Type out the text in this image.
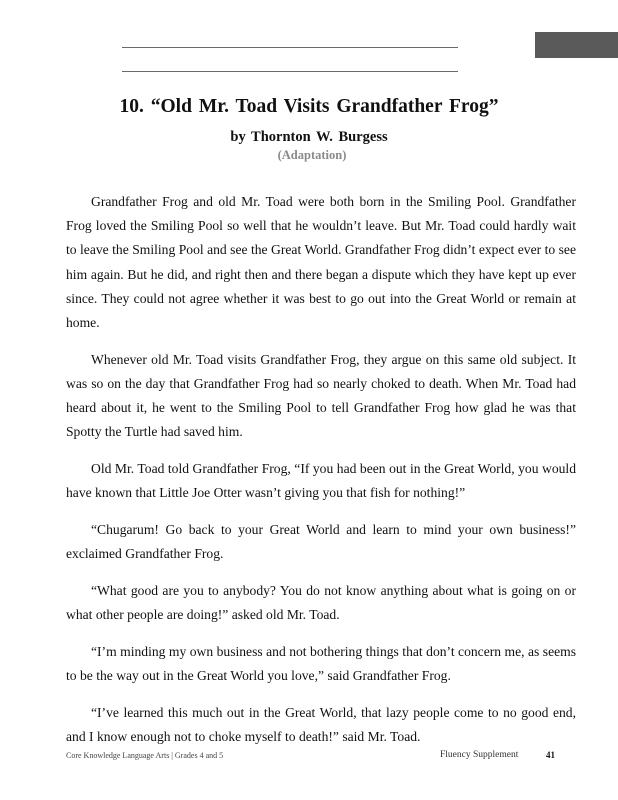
10. “Old Mr. Toad Visits Grandfather Frog”

by Thornton W. Burgess

(Adaptation)

Grandfather Frog and old Mr. Toad were both born in the Smiling Pool. Grandfather Frog loved the Smiling Pool so well that he wouldn’t leave. But Mr. Toad could hardly wait to leave the Smiling Pool and see the Great World. Grandfather Frog didn’t expect ever to see him again. But he did, and right then and there began a dispute which they have kept up ever since. They could not agree whether it was best to go out into the Great World or remain at home.

Whenever old Mr. Toad visits Grandfather Frog, they argue on this same old subject. It was so on the day that Grandfather Frog had so nearly choked to death. When Mr. Toad had heard about it, he went to the Smiling Pool to tell Grandfather Frog how glad he was that Spotty the Turtle had saved him.

Old Mr. Toad told Grandfather Frog, “If you had been out in the Great World, you would have known that Little Joe Otter wasn’t giving you that fish for nothing!”

“Chugarum! Go back to your Great World and learn to mind your own business!” exclaimed Grandfather Frog.

“What good are you to anybody? You do not know anything about what is going on or what other people are doing!” asked old Mr. Toad.

“I’m minding my own business and not bothering things that don’t concern me, as seems to be the way out in the Great World you love,” said Grandfather Frog.

“I’ve learned this much out in the Great World, that lazy people come to no good end, and I know enough not to choke myself to death!” said Mr. Toad.

Core Knowledge Language Arts | Grades 4 and 5	Fluency Supplement	41
